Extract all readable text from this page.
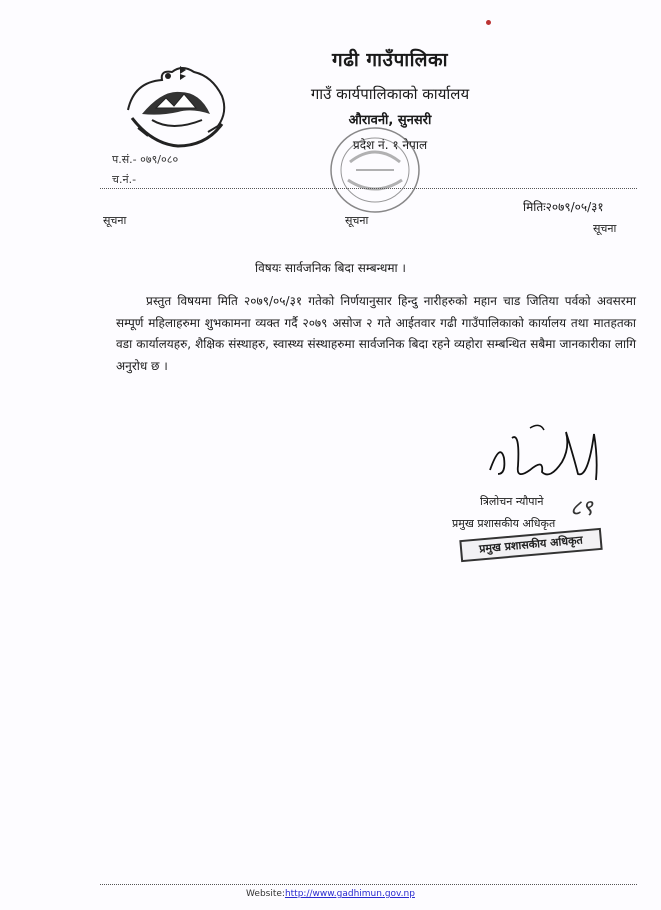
गढी गाउँपालिका
गाउँ कार्यपालिकाको कार्यालय
औरावनी, सुनसरी
प्रदेश नं. १ नेपाल
प.सं.- ०७९/०८०
च.नं.-
सूचना	सूचना
मितिः२०७९/०५/३१
सूचना
विषयः सार्वजनिक बिदा सम्बन्धमा ।
प्रस्तुत विषयमा मिति २०७९/०५/३१ गतेको निर्णयानुसार हिन्दु नारीहरुको महान चाड जितिया पर्वको अवसरमा सम्पूर्ण महिलाहरुमा शुभकामना व्यक्त गर्दै २०७९ असोज २ गते आईतवार गढी गाउँपालिकाको कार्यालय तथा मातहतका वडा कार्यालयहरु, शैक्षिक संस्थाहरु, स्वास्थ्य संस्थाहरुमा सार्वजनिक बिदा रहने व्यहोरा सम्बन्धित सबैमा जानकारीका लागि अनुरोध छ ।
त्रिलोचन न्यौपाने ८९
प्रमुख प्रशासकीय अधिकृत
प्रमुख प्रशासकीय अधिकृत
Website:http://www.gadhimun.gov.np
